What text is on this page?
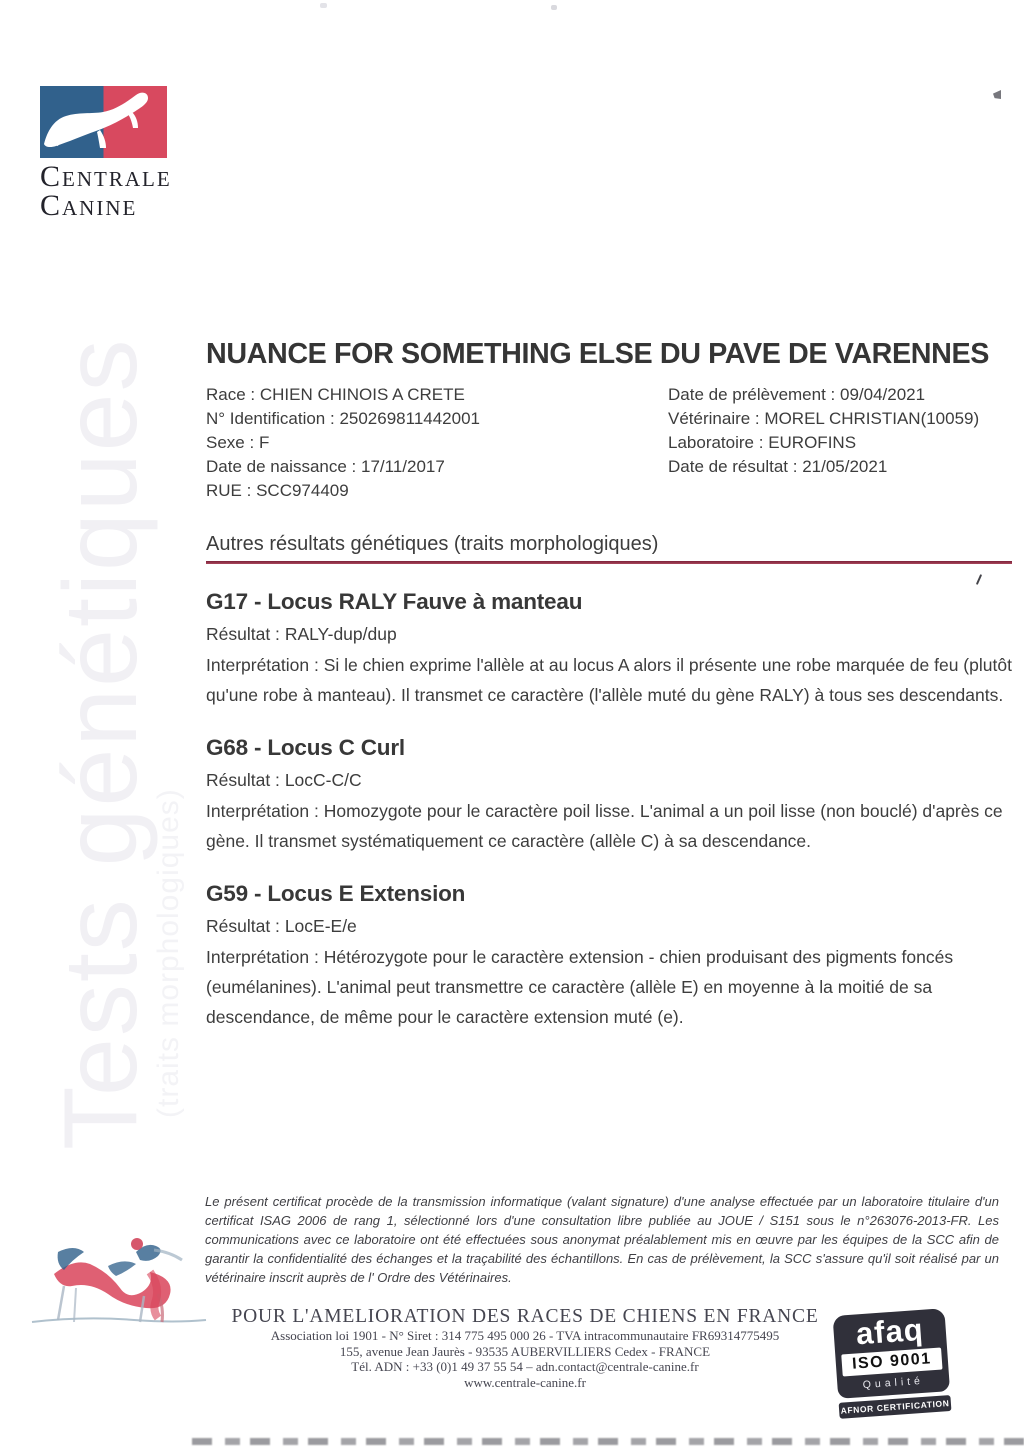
Tests génétiques
(traits morphologiques)
Centrale
Canine
NUANCE FOR SOMETHING ELSE DU PAVE DE VARENNES
Race : CHIEN CHINOIS A CRETE
N° Identification : 250269811442001
Sexe : F
Date de naissance : 17/11/2017
RUE : SCC974409
Date de prélèvement : 09/04/2021
Vétérinaire : MOREL CHRISTIAN(10059)
Laboratoire : EUROFINS
Date de résultat : 21/05/2021
Autres résultats génétiques (traits morphologiques)
G17 - Locus RALY Fauve à manteau

Résultat : RALY-dup/dup

Interprétation : Si le chien exprime l'allèle at au locus A alors il présente une robe marquée de feu (plutôt qu'une robe à manteau). Il transmet ce caractère (l'allèle muté du gène RALY) à tous ses descendants.

G68 - Locus C Curl

Résultat : LocC-C/C

Interprétation : Homozygote pour le caractère poil lisse. L'animal a un poil lisse (non bouclé) d'après ce gène. Il transmet systématiquement ce caractère (allèle C) à sa descendance.

G59 - Locus E Extension

Résultat : LocE-E/e

Interprétation : Hétérozygote pour le caractère extension - chien produisant des pigments foncés (eumélanines). L'animal peut transmettre ce caractère (allèle E) en moyenne à la moitié de sa descendance, de même pour le caractère extension muté (e).

Le présent certificat procède de la transmission informatique (valant signature) d'une analyse effectuée par un laboratoire titulaire d'un certificat ISAG 2006 de rang 1, sélectionné lors d'une consultation libre publiée au JOUE / S151 sous le n°263076-2013-FR. Les communications avec ce laboratoire ont été effectuées sous anonymat préalablement mis en œuvre par les équipes de la SCC afin de garantir la confidentialité des échanges et la traçabilité des échantillons. En cas de prélèvement, la SCC s'assure qu'il soit réalisé par un vétérinaire inscrit auprès de l' Ordre des Vétérinaires.
POUR L'AMELIORATION DES RACES DE CHIENS EN FRANCE
Association loi 1901 - N° Siret : 314 775 495 000 26 - TVA intracommunautaire FR69314775495
155, avenue Jean Jaurès - 93535 AUBERVILLIERS Cedex - FRANCE
Tél. ADN : +33 (0)1 49 37 55 54 – adn.contact@centrale-canine.fr
www.centrale-canine.fr
afaq
ISO 9001
Qualité
AFNOR CERTIFICATION
